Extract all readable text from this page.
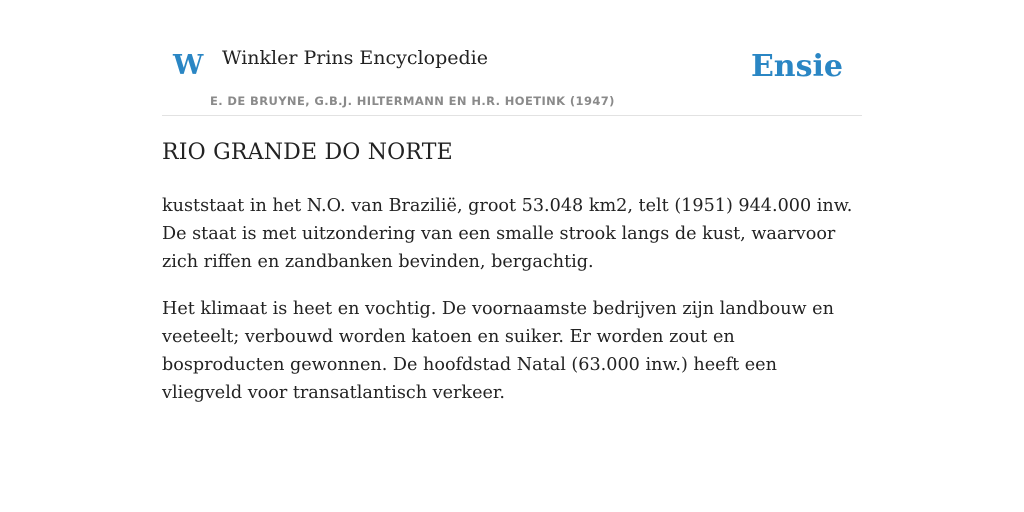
W Winkler Prins Encyclopedie
E. DE BRUYNE, G.B.J. HILTERMANN EN H.R. HOETINK (1947)
Ensie
RIO GRANDE DO NORTE

kuststaat in het N.O. van Brazilië, groot 53.048 km2, telt (1951) 944.000 inw. De staat is met uitzondering van een smalle strook langs de kust, waarvoor zich riffen en zandbanken bevinden, bergachtig.

Het klimaat is heet en vochtig. De voornaamste bedrijven zijn landbouw en veeteelt; verbouwd worden katoen en suiker. Er worden zout en bosproducten gewonnen. De hoofdstad Natal (63.000 inw.) heeft een vliegveld voor transatlantisch verkeer.
